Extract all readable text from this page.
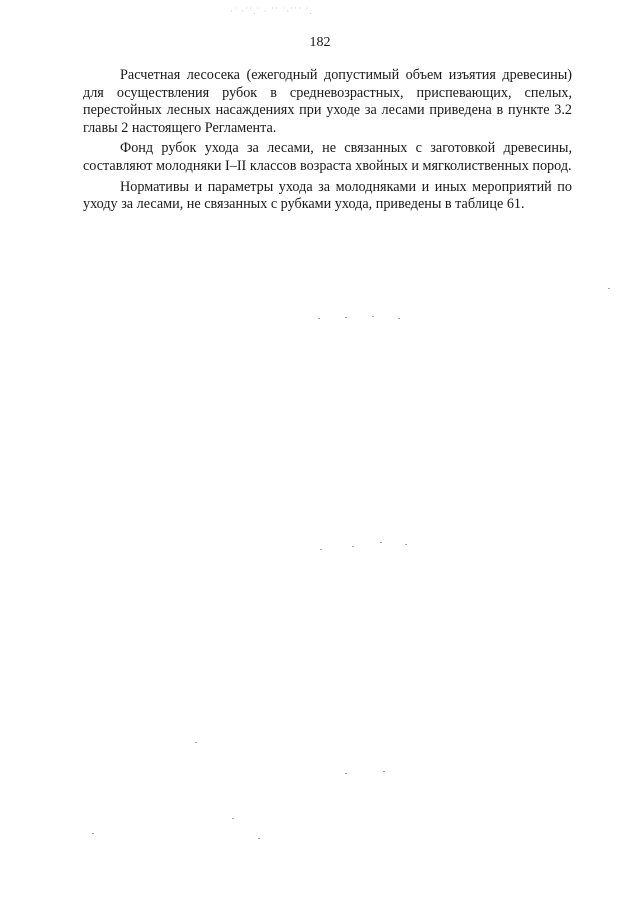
·˙ ·˙˙.˙ · ˙˙ ˙·˙˙˙ ˙.
182

Расчетная лесосека (ежегодный допустимый объем изъятия древесины) для осуществления рубок в средневозрастных, приспевающих, спелых, перестойных лесных насаждениях при уходе за лесами приведена в пункте 3.2 главы 2 настоящего Регламента.

Фонд рубок ухода за лесами, не связанных с заготовкой древесины, составляют молодняки I–II классов возраста хвойных и мягколиственных пород.

Нормативы и параметры ухода за молодняками и иных мероприятий по уходу за лесами, не связанных с рубками ухода, приведены в таблице 61.
